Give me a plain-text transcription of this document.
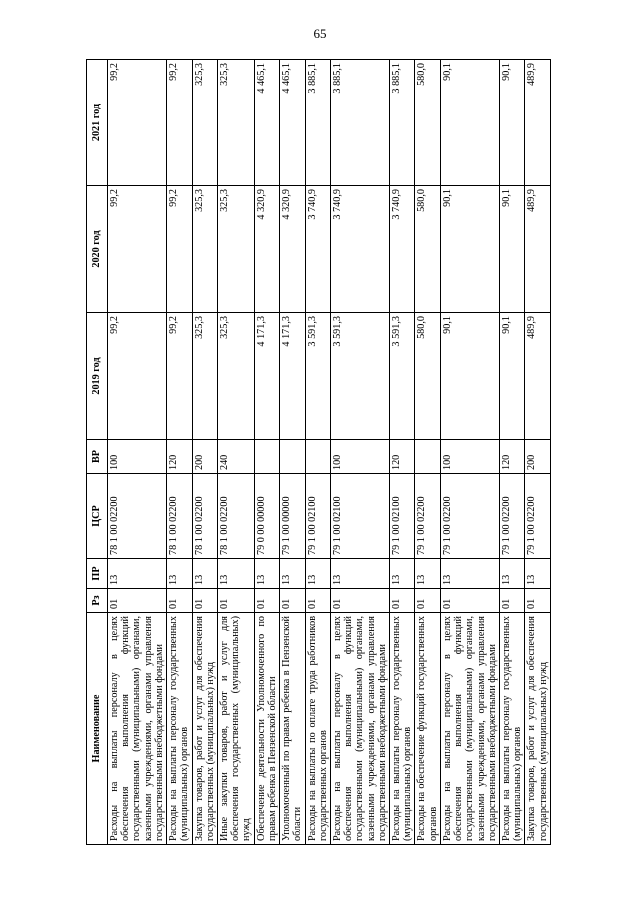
65
Наименование	Рз	ПР	ЦСР	ВР	2019 год	2020 год	2021 год
Расходы на выплаты персоналу в целях обеспечения выполнения функций государственными (муниципальными) органами, казенными учреждениями, органами управления государственными внебюджетными фондами	01	13	78 1 00 02200	100	99,2	99,2	99,2
Расходы на выплаты персоналу государственных (муниципальных) органов	01	13	78 1 00 02200	120	99,2	99,2	99,2
Закупка товаров, работ и услуг для обеспечения государственных (муниципальных) нужд	01	13	78 1 00 02200	200	325,3	325,3	325,3
Иные закупки товаров, работ и услуг для обеспечения государственных (муниципальных) нужд	01	13	78 1 00 02200	240	325,3	325,3	325,3
Обеспечение деятельности Уполномоченного по правам ребенка в Пензенской области	01	13	79 0 00 00000		4 171,3	4 320,9	4 465,1
Уполномоченный по правам ребенка в Пензенской области	01	13	79 1 00 00000		4 171,3	4 320,9	4 465,1
Расходы на выплаты по оплате труда работников государственных органов	01	13	79 1 00 02100		3 591,3	3 740,9	3 885,1
Расходы на выплаты персоналу в целях обеспечения выполнения функций государственными (муниципальными) органами, казенными учреждениями, органами управления государственными внебюджетными фондами	01	13	79 1 00 02100	100	3 591,3	3 740,9	3 885,1
Расходы на выплаты персоналу государственных (муниципальных) органов	01	13	79 1 00 02100	120	3 591,3	3 740,9	3 885,1
Расходы на обеспечение функций государственных органов	01	13	79 1 00 02200		580,0	580,0	580,0
Расходы на выплаты персоналу в целях обеспечения выполнения функций государственными (муниципальными) органами, казенными учреждениями, органами управления государственными внебюджетными фондами	01	13	79 1 00 02200	100	90,1	90,1	90,1
Расходы на выплаты персоналу государственных (муниципальных) органов	01	13	79 1 00 02200	120	90,1	90,1	90,1
Закупка товаров, работ и услуг для обеспечения государственных (муниципальных) нужд	01	13	79 1 00 02200	200	489,9	489,9	489,9
